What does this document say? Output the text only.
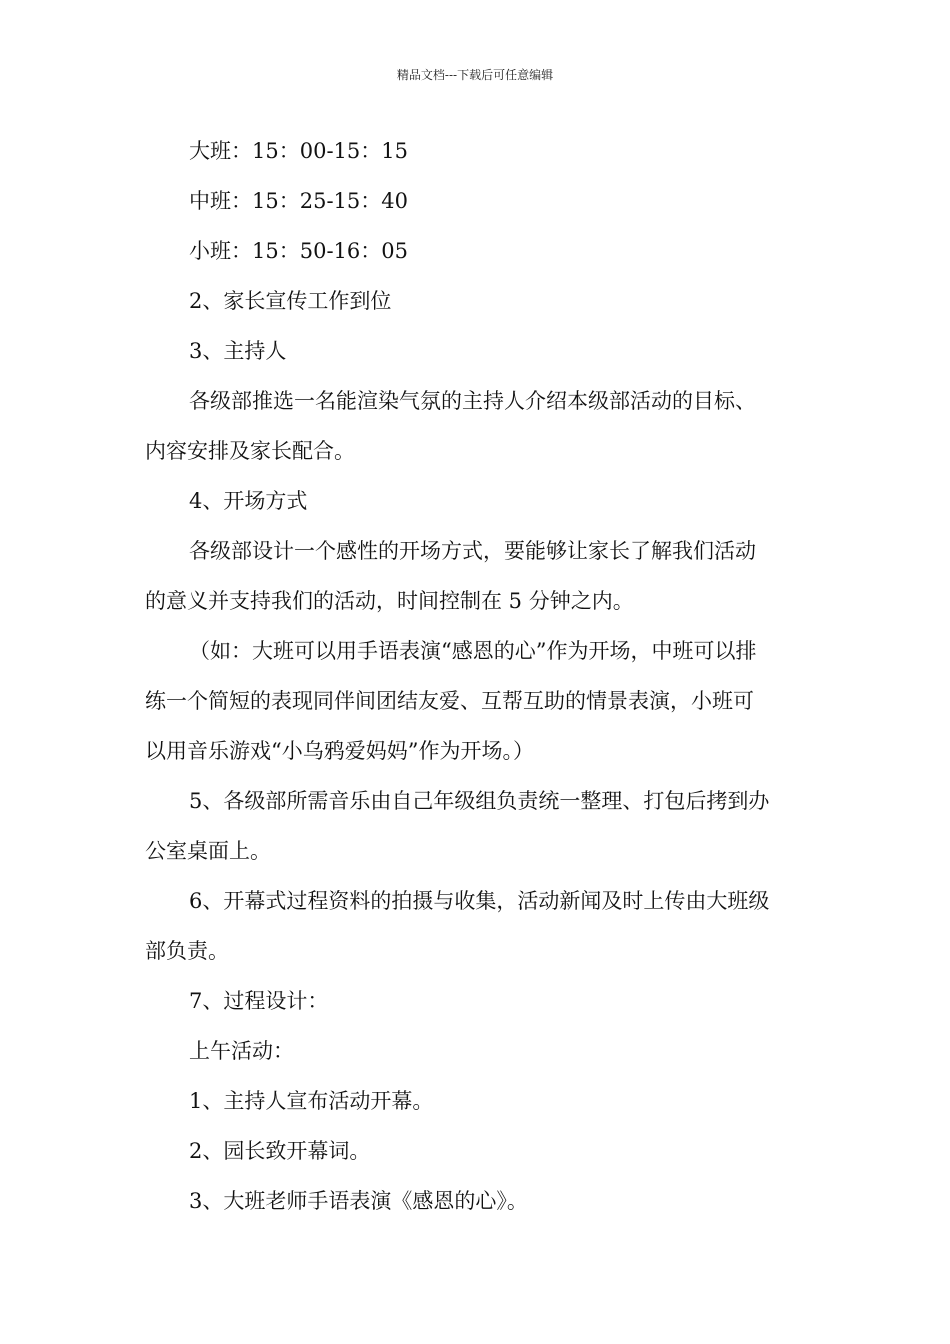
精品文档---下载后可任意编辑
大班：15：00-15：15
中班：15：25-15：40
小班：15：50-16：05
2、家长宣传工作到位
3、主持人
各级部推选一名能渲染气氛的主持人介绍本级部活动的目标、
内容安排及家长配合。
4、开场方式
各级部设计一个感性的开场方式，要能够让家长了解我们活动
的意义并支持我们的活动，时间控制在 5 分钟之内。
（如：大班可以用手语表演“感恩的心”作为开场，中班可以排
练一个简短的表现同伴间团结友爱、互帮互助的情景表演，小班可
以用音乐游戏“小乌鸦爱妈妈”作为开场。）
5、各级部所需音乐由自己年级组负责统一整理、打包后拷到办
公室桌面上。
6、开幕式过程资料的拍摄与收集，活动新闻及时上传由大班级
部负责。
7、过程设计：
上午活动：
1、主持人宣布活动开幕。
2、园长致开幕词。
3、大班老师手语表演《感恩的心》。
